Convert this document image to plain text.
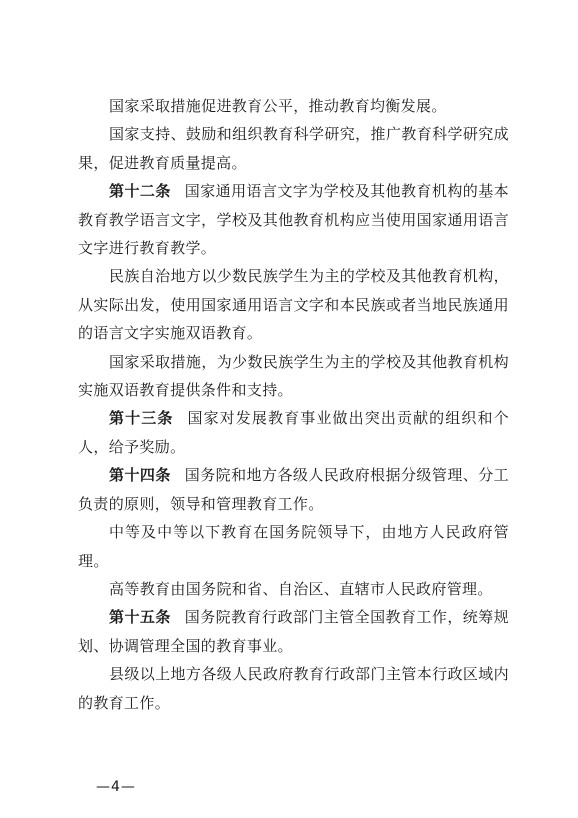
国家采取措施促进教育公平，推动教育均衡发展。

国家支持、鼓励和组织教育科学研究，推广教育科学研究成果，促进教育质量提高。

第十二条 国家通用语言文字为学校及其他教育机构的基本教育教学语言文字，学校及其他教育机构应当使用国家通用语言文字进行教育教学。

民族自治地方以少数民族学生为主的学校及其他教育机构，从实际出发，使用国家通用语言文字和本民族或者当地民族通用的语言文字实施双语教育。

国家采取措施，为少数民族学生为主的学校及其他教育机构实施双语教育提供条件和支持。

第十三条 国家对发展教育事业做出突出贡献的组织和个人，给予奖励。

第十四条 国务院和地方各级人民政府根据分级管理、分工负责的原则，领导和管理教育工作。

中等及中等以下教育在国务院领导下，由地方人民政府管理。

高等教育由国务院和省、自治区、直辖市人民政府管理。

第十五条 国务院教育行政部门主管全国教育工作，统筹规划、协调管理全国的教育事业。

县级以上地方各级人民政府教育行政部门主管本行政区域内的教育工作。

—4—
